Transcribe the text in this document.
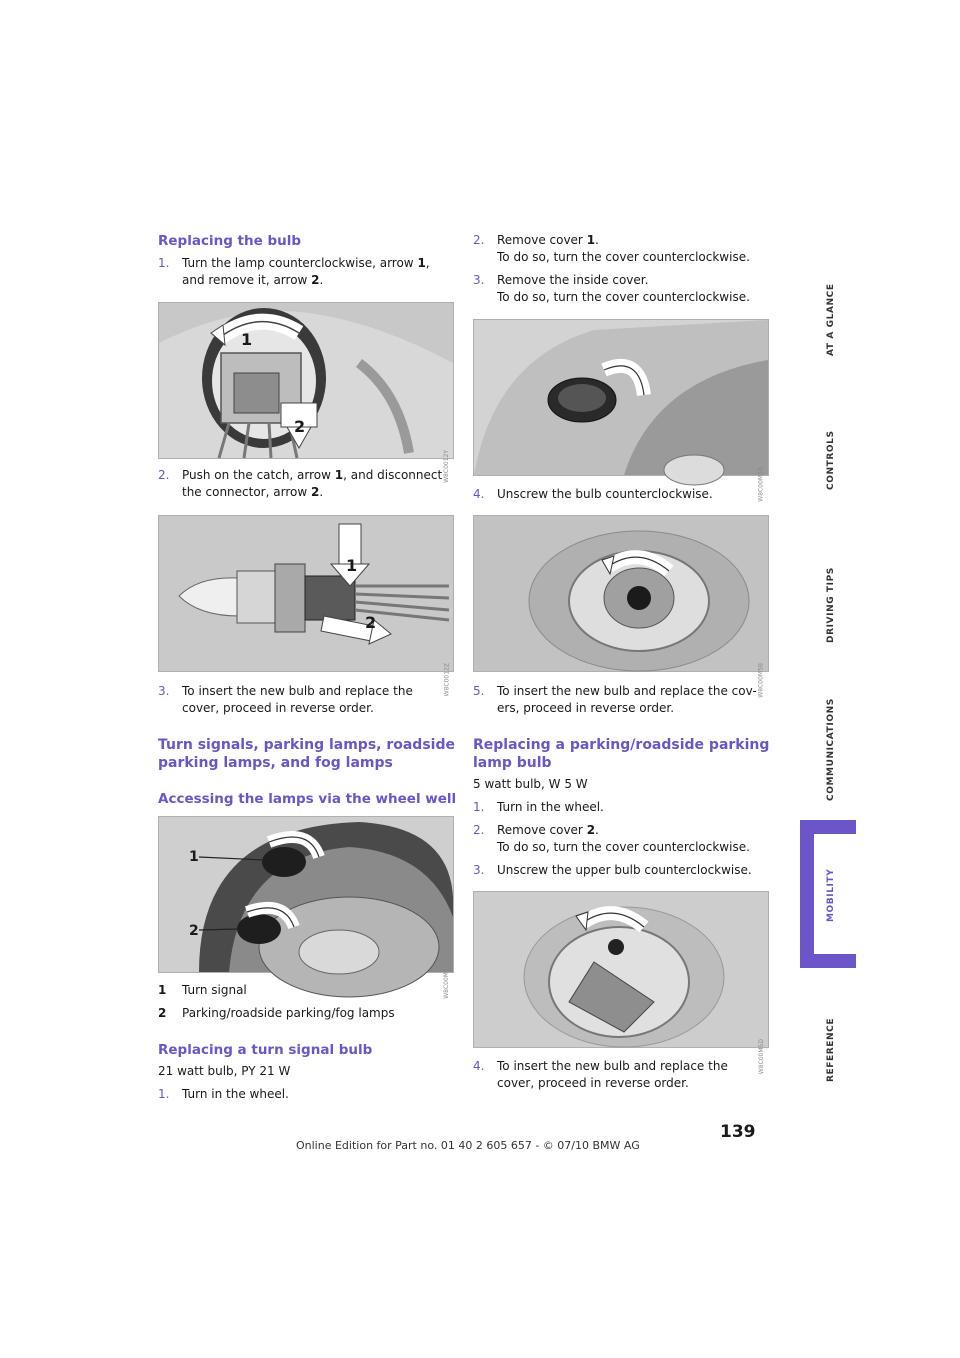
Replacing the bulb
1. Turn the lamp counterclockwise, arrow 1,
and remove it, arrow 2.
1
2
W8C0012Y
2. Push on the catch, arrow 1, and disconnect
the connector, arrow 2.
1
2
W8C0012Z
3. To insert the new bulb and replace the
cover, proceed in reverse order.
Turn signals, parking lamps, roadside
parking lamps, and fog lamps
Accessing the lamps via the wheel well
1
2
W8C00M5C
1 Turn signal
2 Parking/roadside parking/fog lamps
Replacing a turn signal bulb
21 watt bulb, PY 21 W
1. Turn in the wheel.
2. Remove cover 1.
To do so, turn the cover counterclockwise.
3. Remove the inside cover.
To do so, turn the cover counterclockwise.
W8C00M5A
4. Unscrew the bulb counterclockwise.
W8C00M5B
5. To insert the new bulb and replace the cov-
ers, proceed in reverse order.
Replacing a parking/roadside parking
lamp bulb
5 watt bulb, W 5 W
1. Turn in the wheel.
2. Remove cover 2.
To do so, turn the cover counterclockwise.
3. Unscrew the upper bulb counterclockwise.
W8C00M5D
4. To insert the new bulb and replace the
cover, proceed in reverse order.
AT A GLANCE
CONTROLS
DRIVING TIPS
COMMUNICATIONS
MOBILITY
REFERENCE
139
Online Edition for Part no. 01 40 2 605 657 - © 07/10 BMW AG
